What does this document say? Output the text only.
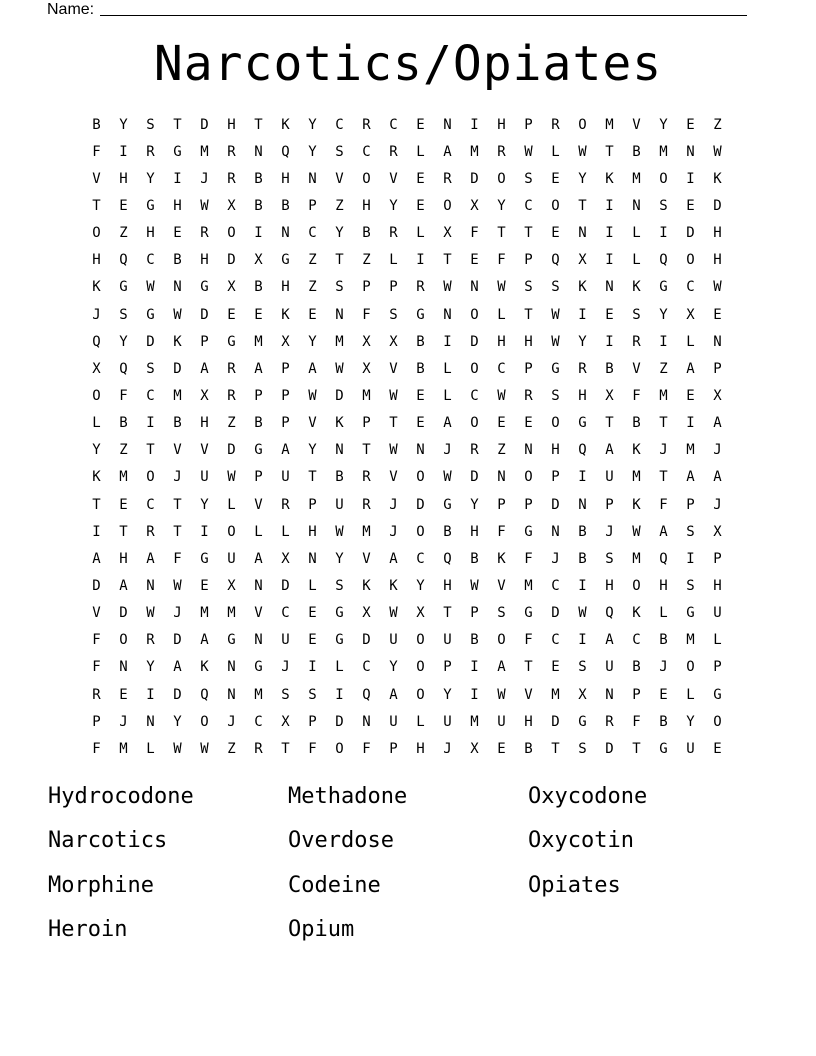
Name:
Narcotics/Opiates
B	Y	S	T	D	H	T	K	Y	C	R	C	E	N	I	H	P	R	O	M	V	Y	E	Z
F	I	R	G	M	R	N	Q	Y	S	C	R	L	A	M	R	W	L	W	T	B	M	N	W
V	H	Y	I	J	R	B	H	N	V	O	V	E	R	D	O	S	E	Y	K	M	O	I	K
T	E	G	H	W	X	B	B	P	Z	H	Y	E	O	X	Y	C	O	T	I	N	S	E	D
O	Z	H	E	R	O	I	N	C	Y	B	R	L	X	F	T	T	E	N	I	L	I	D	H
H	Q	C	B	H	D	X	G	Z	T	Z	L	I	T	E	F	P	Q	X	I	L	Q	O	H
K	G	W	N	G	X	B	H	Z	S	P	P	R	W	N	W	S	S	K	N	K	G	C	W
J	S	G	W	D	E	E	K	E	N	F	S	G	N	O	L	T	W	I	E	S	Y	X	E
Q	Y	D	K	P	G	M	X	Y	M	X	X	B	I	D	H	H	W	Y	I	R	I	L	N
X	Q	S	D	A	R	A	P	A	W	X	V	B	L	O	C	P	G	R	B	V	Z	A	P
O	F	C	M	X	R	P	P	W	D	M	W	E	L	C	W	R	S	H	X	F	M	E	X
L	B	I	B	H	Z	B	P	V	K	P	T	E	A	O	E	E	O	G	T	B	T	I	A
Y	Z	T	V	V	D	G	A	Y	N	T	W	N	J	R	Z	N	H	Q	A	K	J	M	J
K	M	O	J	U	W	P	U	T	B	R	V	O	W	D	N	O	P	I	U	M	T	A	A
T	E	C	T	Y	L	V	R	P	U	R	J	D	G	Y	P	P	D	N	P	K	F	P	J
I	T	R	T	I	O	L	L	H	W	M	J	O	B	H	F	G	N	B	J	W	A	S	X
A	H	A	F	G	U	A	X	N	Y	V	A	C	Q	B	K	F	J	B	S	M	Q	I	P
D	A	N	W	E	X	N	D	L	S	K	K	Y	H	W	V	M	C	I	H	O	H	S	H
V	D	W	J	M	M	V	C	E	G	X	W	X	T	P	S	G	D	W	Q	K	L	G	U
F	O	R	D	A	G	N	U	E	G	D	U	O	U	B	O	F	C	I	A	C	B	M	L
F	N	Y	A	K	N	G	J	I	L	C	Y	O	P	I	A	T	E	S	U	B	J	O	P
R	E	I	D	Q	N	M	S	S	I	Q	A	O	Y	I	W	V	M	X	N	P	E	L	G
P	J	N	Y	O	J	C	X	P	D	N	U	L	U	M	U	H	D	G	R	F	B	Y	O
F	M	L	W	W	Z	R	T	F	O	F	P	H	J	X	E	B	T	S	D	T	G	U	E
Hydrocodone	Methadone	Oxycodone
Narcotics	Overdose	Oxycotin
Morphine	Codeine	Opiates
Heroin	Opium
